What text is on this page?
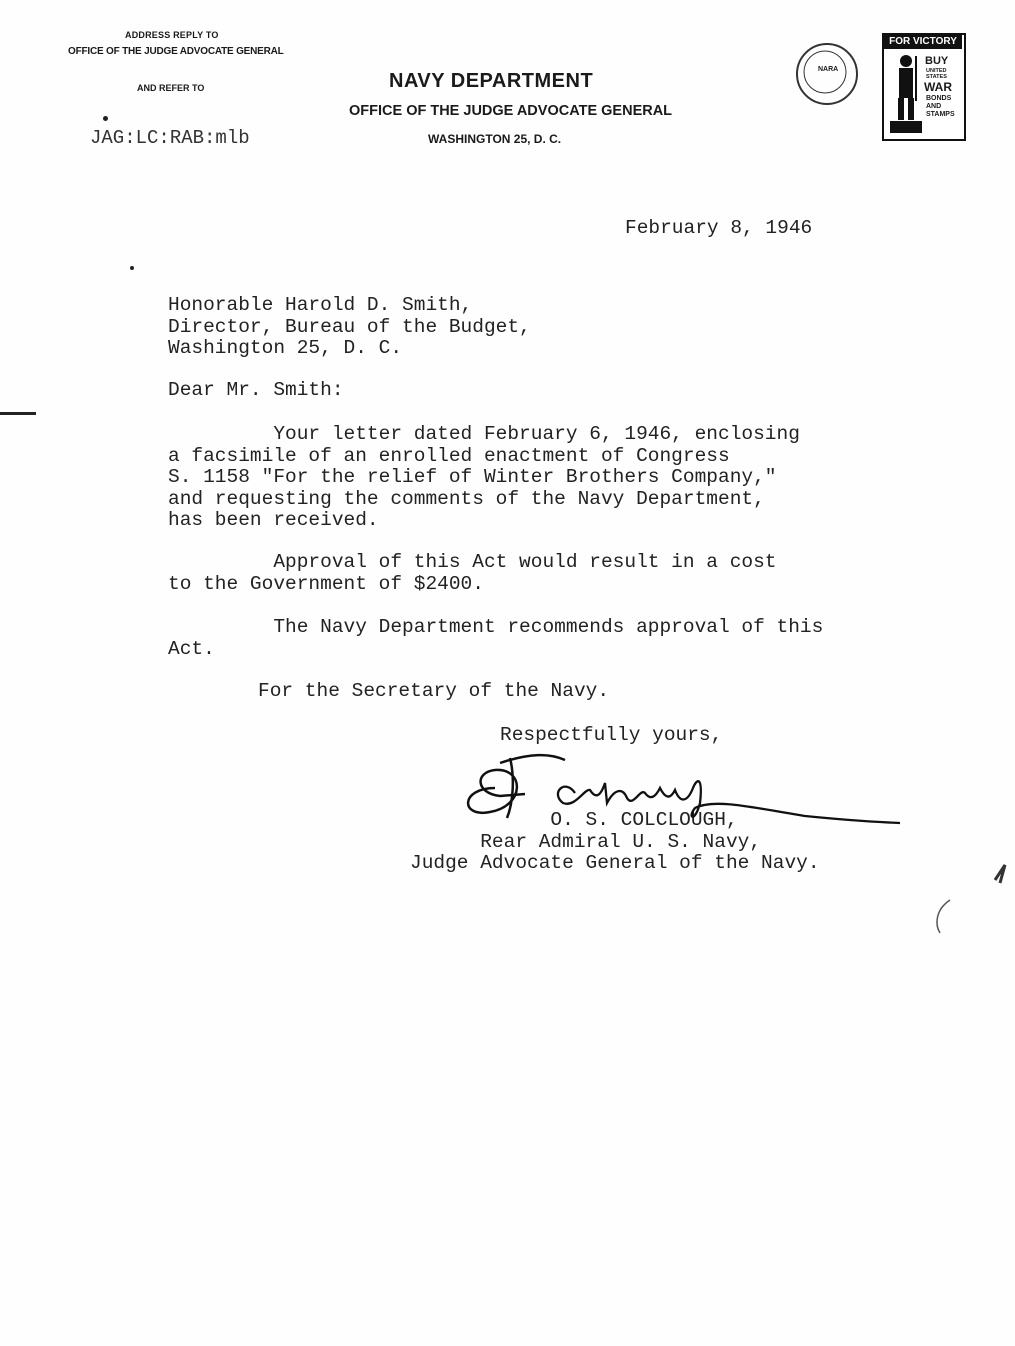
ADDRESS REPLY TO
OFFICE OF THE JUDGE ADVOCATE GENERAL
AND REFER TO
JAG:LC:RAB:mlb
NAVY DEPARTMENT
OFFICE OF THE JUDGE ADVOCATE GENERAL
WASHINGTON 25, D. C.
NARA
FOR VICTORY
BUY
UNITED
STATES
WAR
BONDS
AND
STAMPS
February 8, 1946
Honorable Harold D. Smith,
Director, Bureau of the Budget,
Washington 25, D. C.
Dear Mr. Smith:
Your letter dated February 6, 1946, enclosing
a facsimile of an enrolled enactment of Congress
S. 1158 "For the relief of Winter Brothers Company,"
and requesting the comments of the Navy Department,
has been received.
Approval of this Act would result in a cost
to the Government of $2400.
The Navy Department recommends approval of this
Act.
For the Secretary of the Navy.
Respectfully yours,
O. S. COLCLOUGH,
Rear Admiral U. S. Navy,
Judge Advocate General of the Navy.
